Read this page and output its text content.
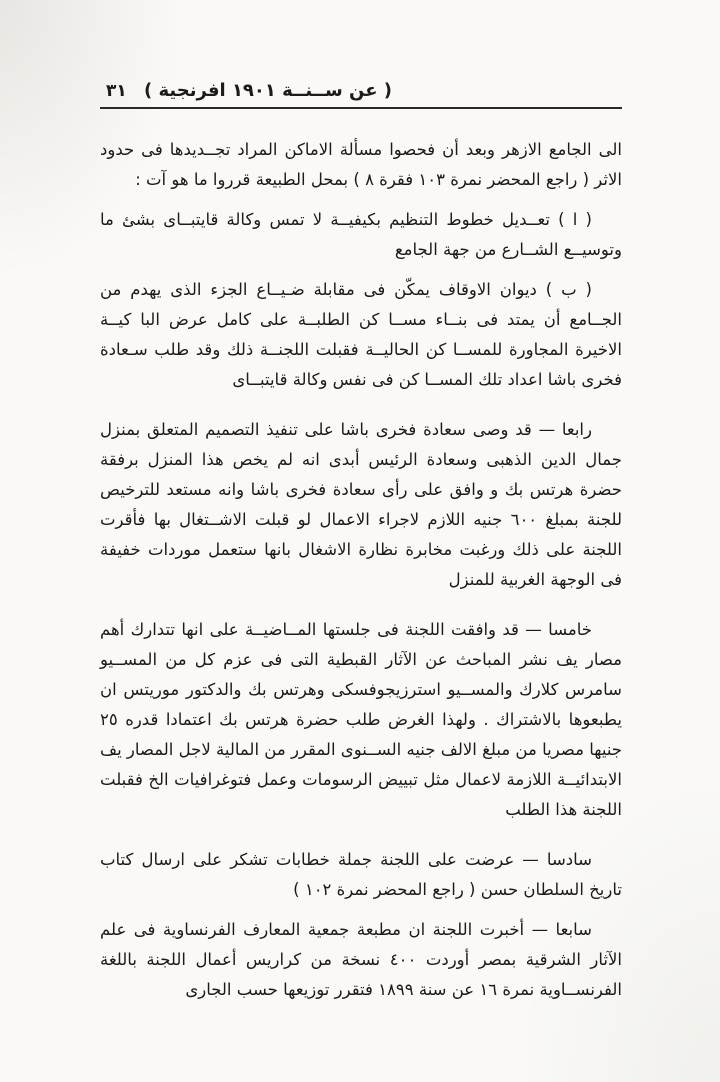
( عن ســنــة ١٩٠١ افرنجية )
٣١

الى الجامع الازهر وبعد أن فحصوا مسألة الاماكن المراد تجــديدها فى حدود الاثر ( راجع المحضر نمرة ١٠٣ فقرة ٨ ) بمحل الطبيعة قرروا ما هو آت :

( ا ) تعــديل خطوط التنظيم بكيفيــة لا تمس وكالة قايتبــاى بشئ ما وتوسيــع الشــارع من جهة الجامع

( ب ) ديوان الاوقاف يمكّن فى مقابلة ضـيــاع الجزء الذى يهدم من الجــامع أن يمتد فى بنــاء مســا كن الطلبــة على كامل عرض البا كيــة الاخيرة المجاورة للمســا كن الحاليــة فقبلت اللجنــة ذلك وقد طلب سـعادة فخرى باشا اعداد تلك المســا كن فى نفس وكالة قايتبــاى

رابعا — قد وصى سعادة فخرى باشا على تنفيذ التصميم المتعلق بمنزل جمال الدين الذهبى وسعادة الرئيس أبدى انه لم يخص هذا المنزل برفقة حضرة هرتس بك و وافق على رأى سعادة فخرى باشا وانه مستعد للترخيص للجنة بمبلغ ٦٠٠ جنيه اللازم لاجراء الاعمال لو قبلت الاشــتغال بها فأقرت اللجنة على ذلك ورغبت مخابرة نظارة الاشغال بانها ستعمل موردات خفيفة فى الوجهة الغربية للمنزل

خامسا — قد وافقت اللجنة فى جلستها المــاضيــة على انها تتدارك أهم مصار يف نشر المباحث عن الآثار القبطية التى فى عزم كل من المســيو سامرس كلارك والمســيو استرزيجوفسكى وهرتس بك والدكتور موريتس ان يطبعوها بالاشتراك . ولهذا الغرض طلب حضرة هرتس بك اعتمادا قدره ٢٥ جنيها مصريا من مبلغ الالف جنيه الســنوى المقرر من المالية لاجل المصار يف الابتدائيــة اللازمة لاعمال مثل تبييض الرسومات وعمل فتوغرافيات الخ فقبلت اللجنة هذا الطلب

سادسا — عرضت على اللجنة جملة خطابات تشكر على ارسال كتاب تاريخ السلطان حسن ( راجع المحضر نمرة ١٠٢ )

سابعا — أخبرت اللجنة ان مطبعة جمعية المعارف الفرنساوية فى علم الآثار الشرقية بمصر أوردت ٤٠٠ نسخة من كراريس أعمال اللجنة باللغة الفرنســاوية نمرة ١٦ عن سنة ١٨٩٩ فتقرر توزيعها حسب الجارى
